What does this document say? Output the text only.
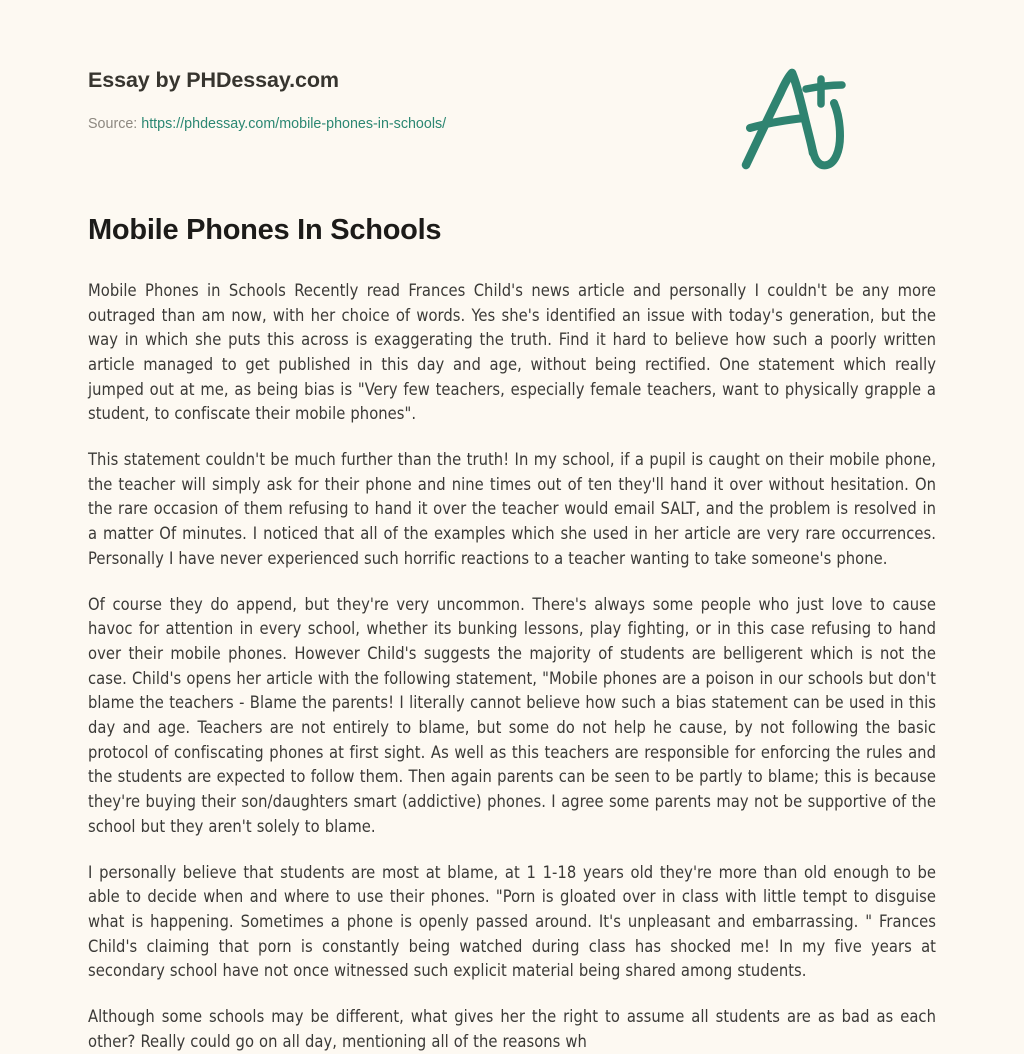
Essay by PHDessay.com
Source: https://phdessay.com/mobile-phones-in-schools/
Mobile Phones In Schools

Mobile Phones in Schools Recently read Frances Child's news article and personally I couldn't be any more outraged than am now, with her choice of words. Yes she's identified an issue with today's generation, but the way in which she puts this across is exaggerating the truth. Find it hard to believe how such a poorly written article managed to get published in this day and age, without being rectified. One statement which really jumped out at me, as being bias is "Very few teachers, especially female teachers, want to physically grapple a student, to confiscate their mobile phones".

This statement couldn't be much further than the truth! In my school, if a pupil is caught on their mobile phone, the teacher will simply ask for their phone and nine times out of ten they'll hand it over without hesitation. On the rare occasion of them refusing to hand it over the teacher would email SALT, and the problem is resolved in a matter Of minutes. I noticed that all of the examples which she used in her article are very rare occurrences. Personally I have never experienced such horrific reactions to a teacher wanting to take someone's phone.

Of course they do append, but they're very uncommon. There's always some people who just love to cause havoc for attention in every school, whether its bunking lessons, play fighting, or in this case refusing to hand over their mobile phones. However Child's suggests the majority of students are belligerent which is not the case. Child's opens her article with the following statement, "Mobile phones are a poison in our schools but don't blame the teachers - Blame the parents! I literally cannot believe how such a bias statement can be used in this day and age. Teachers are not entirely to blame, but some do not help he cause, by not following the basic protocol of confiscating phones at first sight. As well as this teachers are responsible for enforcing the rules and the students are expected to follow them. Then again parents can be seen to be partly to blame; this is because they're buying their son/daughters smart (addictive) phones. I agree some parents may not be supportive of the school but they aren't solely to blame.

I personally believe that students are most at blame, at 1 1-18 years old they're more than old enough to be able to decide when and where to use their phones. "Porn is gloated over in class with little tempt to disguise what is happening. Sometimes a phone is openly passed around. It's unpleasant and embarrassing. " Frances Child's claiming that porn is constantly being watched during class has shocked me! In my five years at secondary school have not once witnessed such explicit material being shared among students.

Although some schools may be different, what gives her the right to assume all students are as bad as each other? Really could go on all day, mentioning all of the reasons wh
